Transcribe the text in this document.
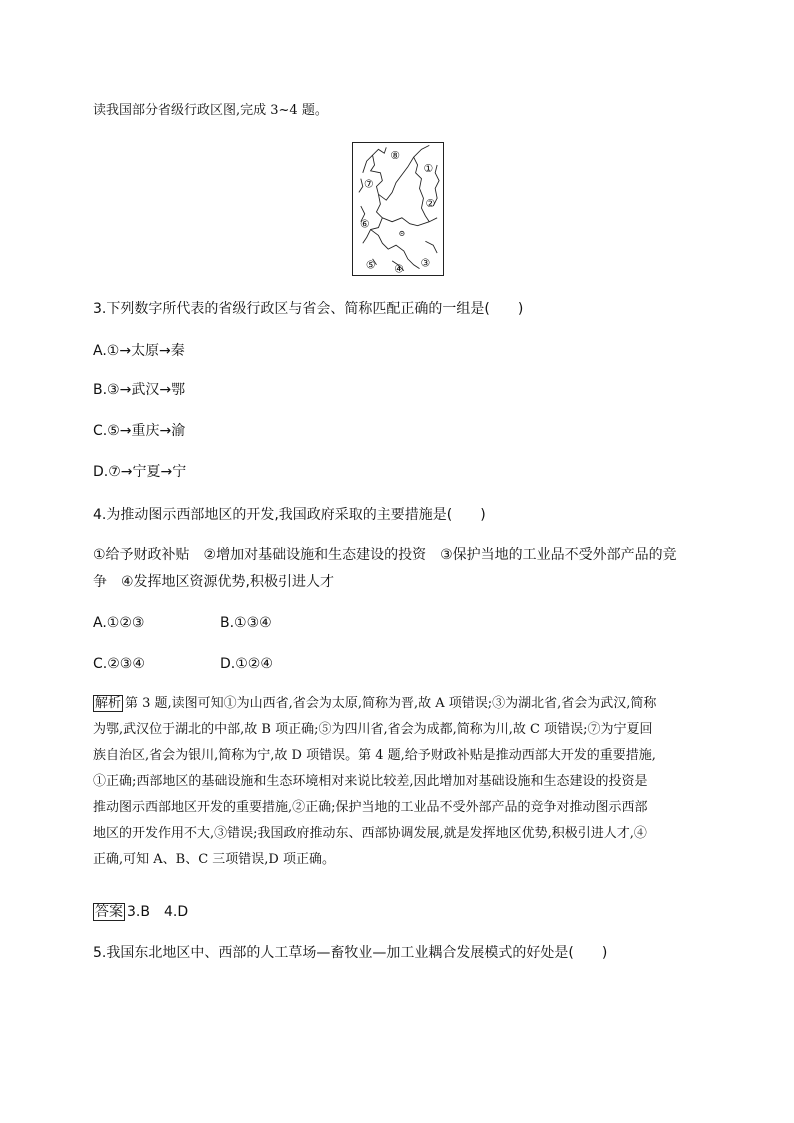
读我国部分省级行政区图,完成 3~4 题。
⑧
⑦
①
⑥
②
⑤ ④ ③
3.下列数字所代表的省级行政区与省会、简称匹配正确的一组是(　　)
A.①→太原→秦
B.③→武汉→鄂
C.⑤→重庆→渝
D.⑦→宁夏→宁
4.为推动图示西部地区的开发,我国政府采取的主要措施是(　　)
①给予财政补贴　②增加对基础设施和生态建设的投资　③保护当地的工业品不受外部产品的竞
争　④发挥地区资源优势,积极引进人才
A.①②③	B.①③④
C.②③④	D.①②④
解析 第 3 题,读图可知①为山西省,省会为太原,简称为晋,故 A 项错误;③为湖北省,省会为武汉,简称
为鄂,武汉位于湖北的中部,故 B 项正确;⑤为四川省,省会为成都,简称为川,故 C 项错误;⑦为宁夏回
族自治区,省会为银川,简称为宁,故 D 项错误。第 4 题,给予财政补贴是推动西部大开发的重要措施,
①正确;西部地区的基础设施和生态环境相对来说比较差,因此增加对基础设施和生态建设的投资是
推动图示西部地区开发的重要措施,②正确;保护当地的工业品不受外部产品的竞争对推动图示西部
地区的开发作用不大,③错误;我国政府推动东、西部协调发展,就是发挥地区优势,积极引进人才,④
正确,可知 A、B、C 三项错误,D 项正确。
答案 3.B　4.D
5.我国东北地区中、西部的人工草场—畜牧业—加工业耦合发展模式的好处是(　　)
